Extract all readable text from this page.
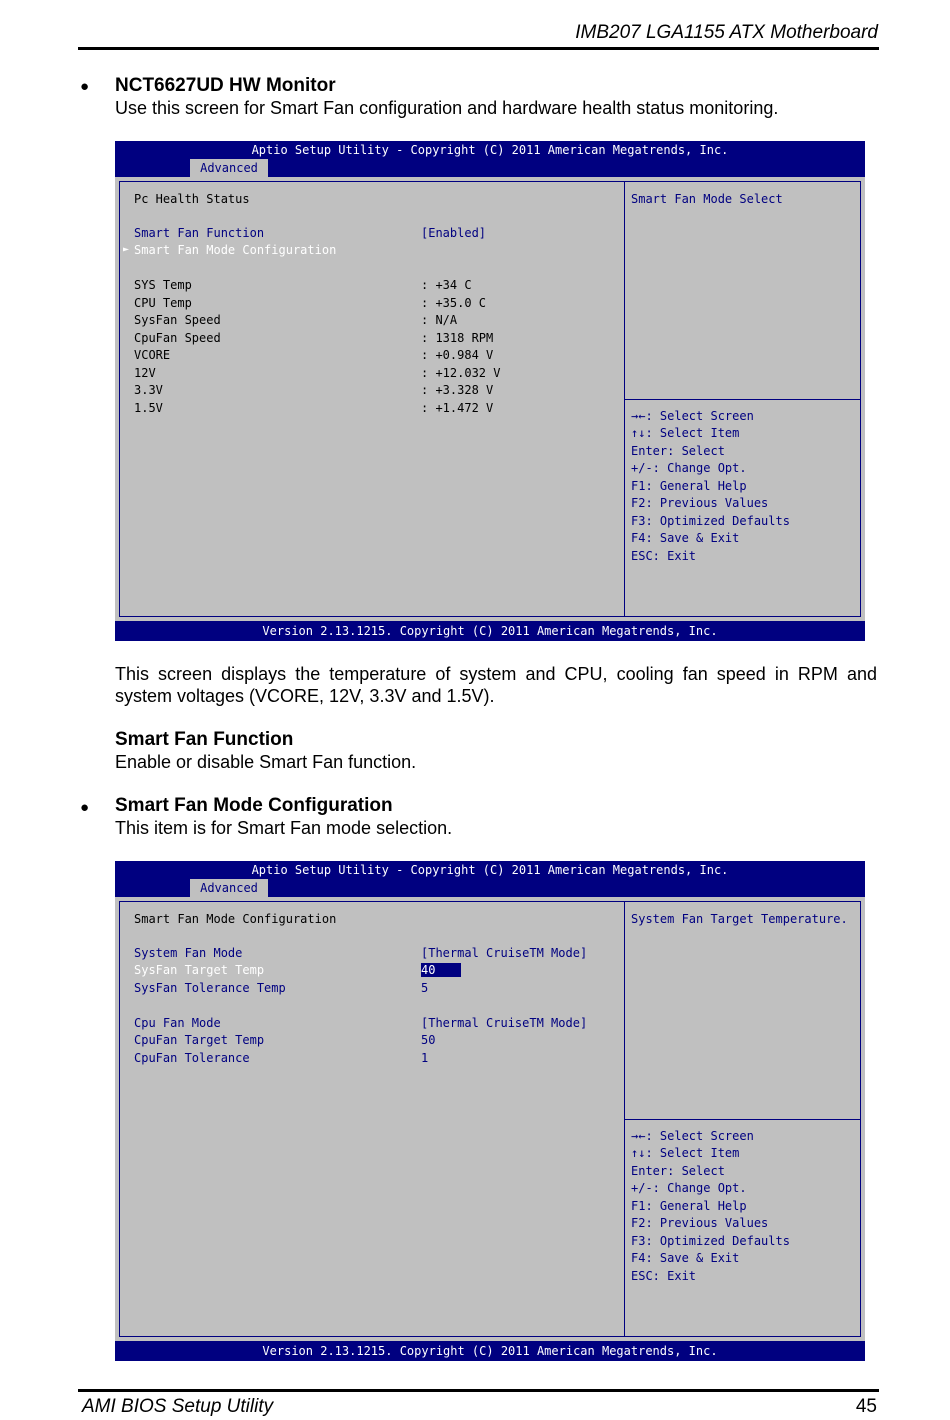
IMB207 LGA1155 ATX Motherboard
● NCT6627UD HW Monitor
Use this screen for Smart Fan configuration and hardware health status monitoring.
Aptio Setup Utility - Copyright (C) 2011 American Megatrends, Inc.
Advanced
Pc Health Status
Smart Fan Function	[Enabled]
► Smart Fan Mode Configuration
SYS Temp	: +34 C
CPU Temp	: +35.0 C
SysFan Speed	: N/A
CpuFan Speed	: 1318 RPM
VCORE	: +0.984 V
12V	: +12.032 V
3.3V	: +3.328 V
1.5V	: +1.472 V
Smart Fan Mode Select
→←: Select Screen
↑↓: Select Item
Enter: Select
+/-: Change Opt.
F1: General Help
F2: Previous Values
F3: Optimized Defaults
F4: Save & Exit
ESC: Exit
Version 2.13.1215. Copyright (C) 2011 American Megatrends, Inc.
This screen displays the temperature of system and CPU, cooling fan speed in RPM and system voltages (VCORE, 12V, 3.3V and 1.5V).
Smart Fan Function
Enable or disable Smart Fan function.
● Smart Fan Mode Configuration
This item is for Smart Fan mode selection.
Aptio Setup Utility - Copyright (C) 2011 American Megatrends, Inc.
Advanced
Smart Fan Mode Configuration
System Fan Mode	[Thermal CruiseTM Mode]
SysFan Target Temp	40
SysFan Tolerance Temp	5
Cpu Fan Mode	[Thermal CruiseTM Mode]
CpuFan Target Temp	50
CpuFan Tolerance	1
System Fan Target Temperature.
→←: Select Screen
↑↓: Select Item
Enter: Select
+/-: Change Opt.
F1: General Help
F2: Previous Values
F3: Optimized Defaults
F4: Save & Exit
ESC: Exit
Version 2.13.1215. Copyright (C) 2011 American Megatrends, Inc.
AMI BIOS Setup Utility	45
